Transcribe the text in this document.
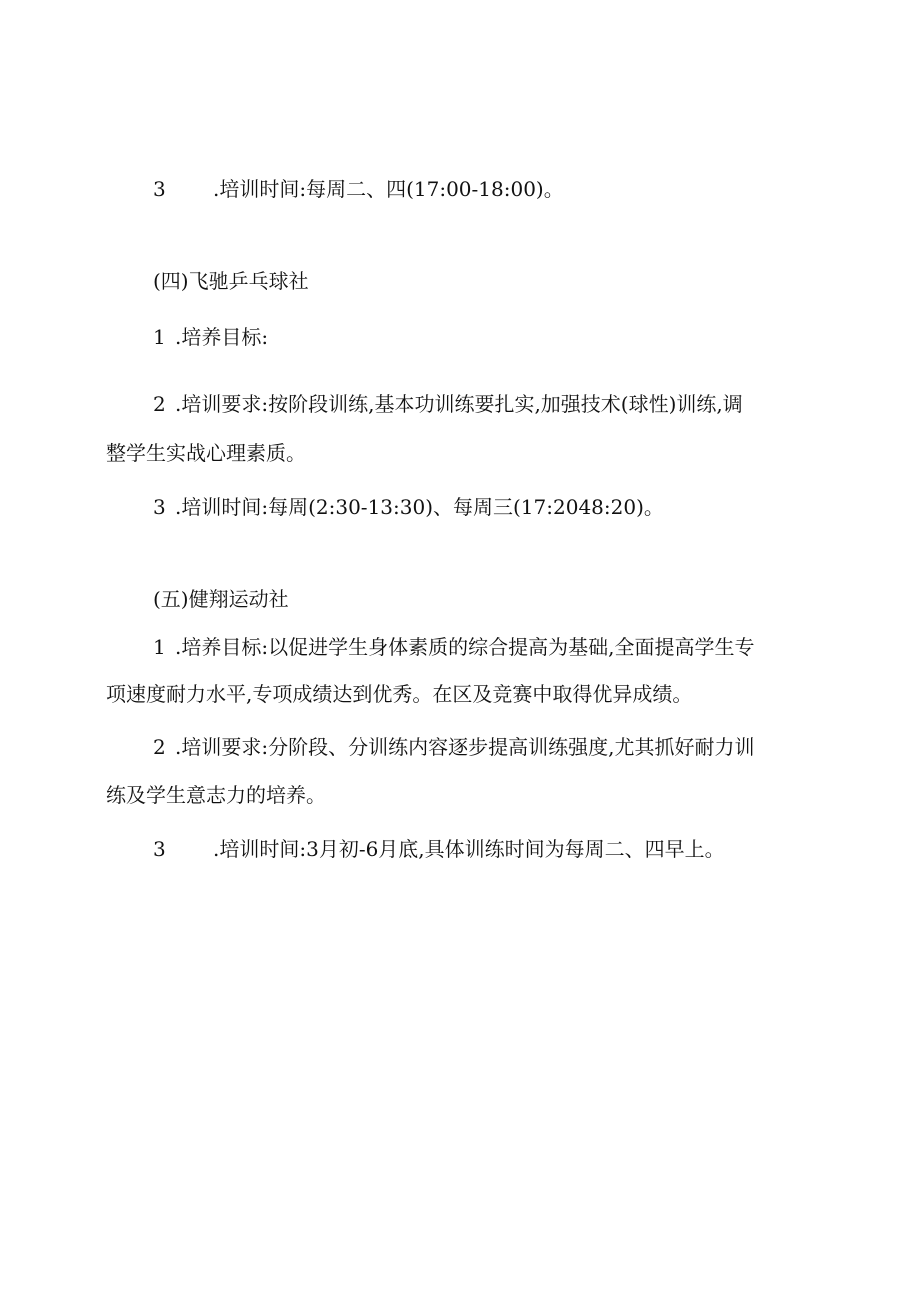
3 .培训时间:每周二、四(17:00-18:00)。
(四)飞驰乒乓球社
1 .培养目标:
2 .培训要求:按阶段训练,基本功训练要扎实,加强技术(球性)训练,调
整学生实战心理素质。
3 .培训时间:每周(2:30-13:30)、每周三(17:2048:20)。
(五)健翔运动社
1 .培养目标:以促进学生身体素质的综合提高为基础,全面提高学生专
项速度耐力水平,专项成绩达到优秀。在区及竞赛中取得优异成绩。
2 .培训要求:分阶段、分训练内容逐步提高训练强度,尤其抓好耐力训
练及学生意志力的培养。
3 .培训时间:3月初-6月底,具体训练时间为每周二、四早上。
